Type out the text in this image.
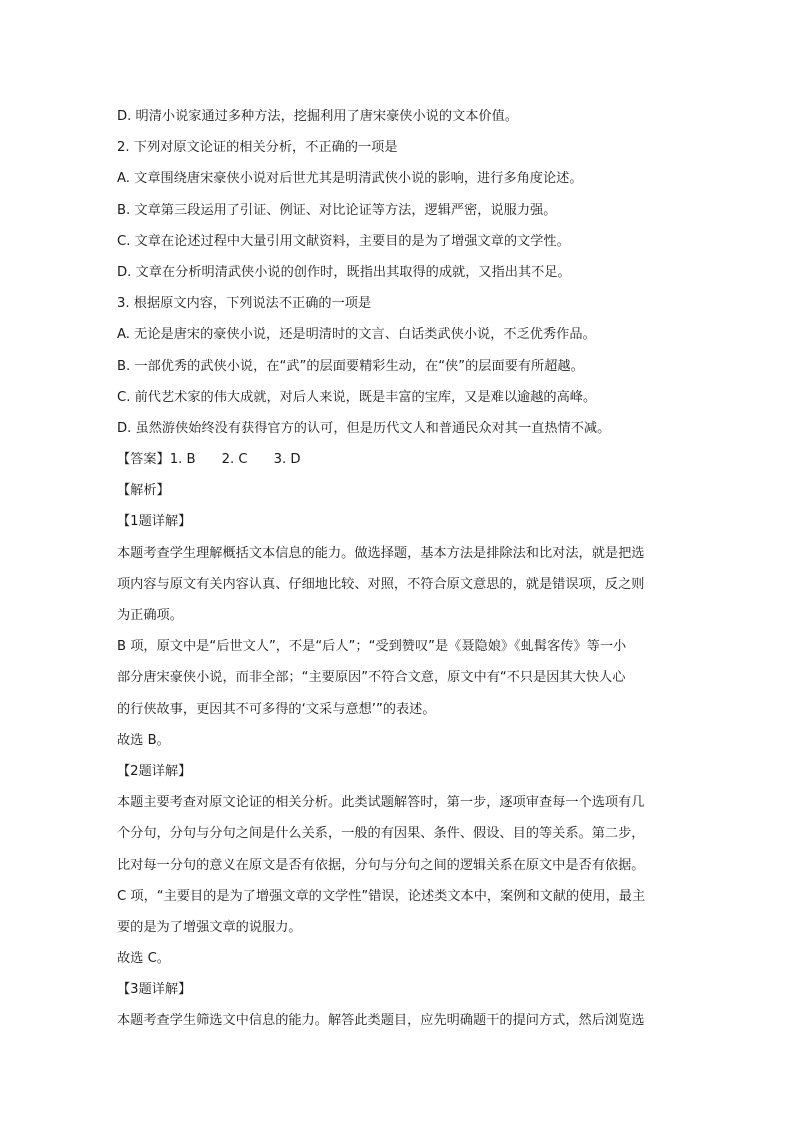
D. 明清小说家通过多种方法，挖掘利用了唐宋豪侠小说的文本价值。
2. 下列对原文论证的相关分析，不正确的一项是
A. 文章围绕唐宋豪侠小说对后世尤其是明清武侠小说的影响，进行多角度论述。
B. 文章第三段运用了引证、例证、对比论证等方法，逻辑严密，说服力强。
C. 文章在论述过程中大量引用文献资料，主要目的是为了增强文章的文学性。
D. 文章在分析明清武侠小说的创作时，既指出其取得的成就，又指出其不足。
3. 根据原文内容，下列说法不正确的一项是
A. 无论是唐宋的豪侠小说，还是明清时的文言、白话类武侠小说，不乏优秀作品。
B. 一部优秀的武侠小说，在“武”的层面要精彩生动，在“侠”的层面要有所超越。
C. 前代艺术家的伟大成就，对后人来说，既是丰富的宝库，又是难以逾越的高峰。
D. 虽然游侠始终没有获得官方的认可，但是历代文人和普通民众对其一直热情不减。
【答案】1. B 2. C 3. D
【解析】
【1题详解】
本题考查学生理解概括文本信息的能力。做选择题，基本方法是排除法和比对法，就是把选
项内容与原文有关内容认真、仔细地比较、对照，不符合原文意思的，就是错误项，反之则
为正确项。
B 项，原文中是“后世文人”，不是“后人”；“受到赞叹”是《聂隐娘》《虬髯客传》等一小
部分唐宋豪侠小说，而非全部；“主要原因”不符合文意，原文中有“不只是因其大快人心
的行侠故事，更因其不可多得的‘文采与意想’”的表述。
故选 B。
【2题详解】
本题主要考查对原文论证的相关分析。此类试题解答时，第一步，逐项审查每一个选项有几
个分句，分句与分句之间是什么关系，一般的有因果、条件、假设、目的等关系。第二步，
比对每一分句的意义在原文是否有依据，分句与分句之间的逻辑关系在原文中是否有依据。
C 项，“主要目的是为了增强文章的文学性”错误，论述类文本中，案例和文献的使用，最主
要的是为了增强文章的说服力。
故选 C。
【3题详解】
本题考查学生筛选文中信息的能力。解答此类题目，应先明确题干的提问方式，然后浏览选
